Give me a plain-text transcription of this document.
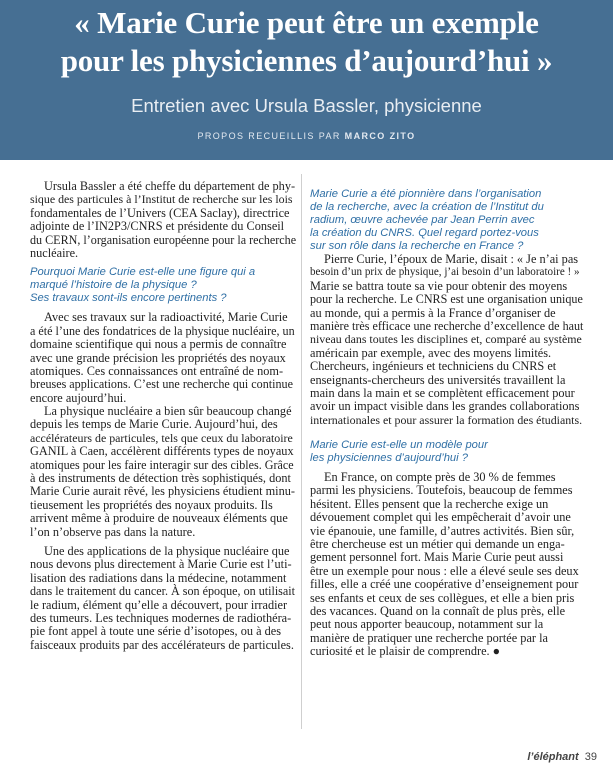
« Marie Curie peut être un exemple
pour les physiciennes d’aujourd’hui »
Entretien avec Ursula Bassler, physicienne
PROPOS RECUEILLIS PAR MARCO ZITO
Ursula Bassler a été cheffe du département de phy-
sique des particules à l’Institut de recherche sur les lois
fondamentales de l’Univers (CEA Saclay), directrice
adjointe de l’IN2P3/CNRS et présidente du Conseil
du CERN, l’organisation européenne pour la recherche
nucléaire.
Pourquoi Marie Curie est-elle une figure qui a
marqué l’histoire de la physique ?
Ses travaux sont-ils encore pertinents ?
Avec ses travaux sur la radioactivité, Marie Curie
a été l’une des fondatrices de la physique nucléaire, un
domaine scientifique qui nous a permis de connaître
avec une grande précision les propriétés des noyaux
atomiques. Ces connaissances ont entraîné de nom-
breuses applications. C’est une recherche qui continue
encore aujourd’hui.
La physique nucléaire a bien sûr beaucoup changé
depuis les temps de Marie Curie. Aujourd’hui, des
accélérateurs de particules, tels que ceux du laboratoire
GANIL à Caen, accélèrent différents types de noyaux
atomiques pour les faire interagir sur des cibles. Grâce
à des instruments de détection très sophistiqués, dont
Marie Curie aurait rêvé, les physiciens étudient minu-
tieusement les propriétés des noyaux produits. Ils
arrivent même à produire de nouveaux éléments que
l’on n’observe pas dans la nature.
Une des applications de la physique nucléaire que
nous devons plus directement à Marie Curie est l’uti-
lisation des radiations dans la médecine, notamment
dans le traitement du cancer. À son époque, on utilisait
le radium, élément qu’elle a découvert, pour irradier
des tumeurs. Les techniques modernes de radiothéra-
pie font appel à toute une série d’isotopes, ou à des
faisceaux produits par des accélérateurs de particules.
Marie Curie a été pionnière dans l’organisation
de la recherche, avec la création de l’Institut du
radium, œuvre achevée par Jean Perrin avec
la création du CNRS. Quel regard portez-vous
sur son rôle dans la recherche en France ?
Pierre Curie, l’époux de Marie, disait : « Je n’ai pas
besoin d’un prix de physique, j’ai besoin d’un laboratoire ! »
Marie se battra toute sa vie pour obtenir des moyens
pour la recherche. Le CNRS est une organisation unique
au monde, qui a permis à la France d’organiser de
manière très efficace une recherche d’excellence de haut
niveau dans toutes les disciplines et, comparé au système
américain par exemple, avec des moyens limités.
Chercheurs, ingénieurs et techniciens du CNRS et
enseignants-chercheurs des universités travaillent la
main dans la main et se complètent efficacement pour
avoir un impact visible dans les grandes collaborations
internationales et pour assurer la formation des étudiants.
Marie Curie est-elle un modèle pour
les physiciennes d’aujourd’hui ?
En France, on compte près de 30 % de femmes
parmi les physiciens. Toutefois, beaucoup de femmes
hésitent. Elles pensent que la recherche exige un
dévouement complet qui les empêcherait d’avoir une
vie épanouie, une famille, d’autres activités. Bien sûr,
être chercheuse est un métier qui demande un enga-
gement personnel fort. Mais Marie Curie peut aussi
être un exemple pour nous : elle a élevé seule ses deux
filles, elle a créé une coopérative d’enseignement pour
ses enfants et ceux de ses collègues, et elle a bien pris
des vacances. Quand on la connaît de plus près, elle
peut nous apporter beaucoup, notamment sur la
manière de pratiquer une recherche portée par la
curiosité et le plaisir de comprendre. ●
l’éléphant 39
